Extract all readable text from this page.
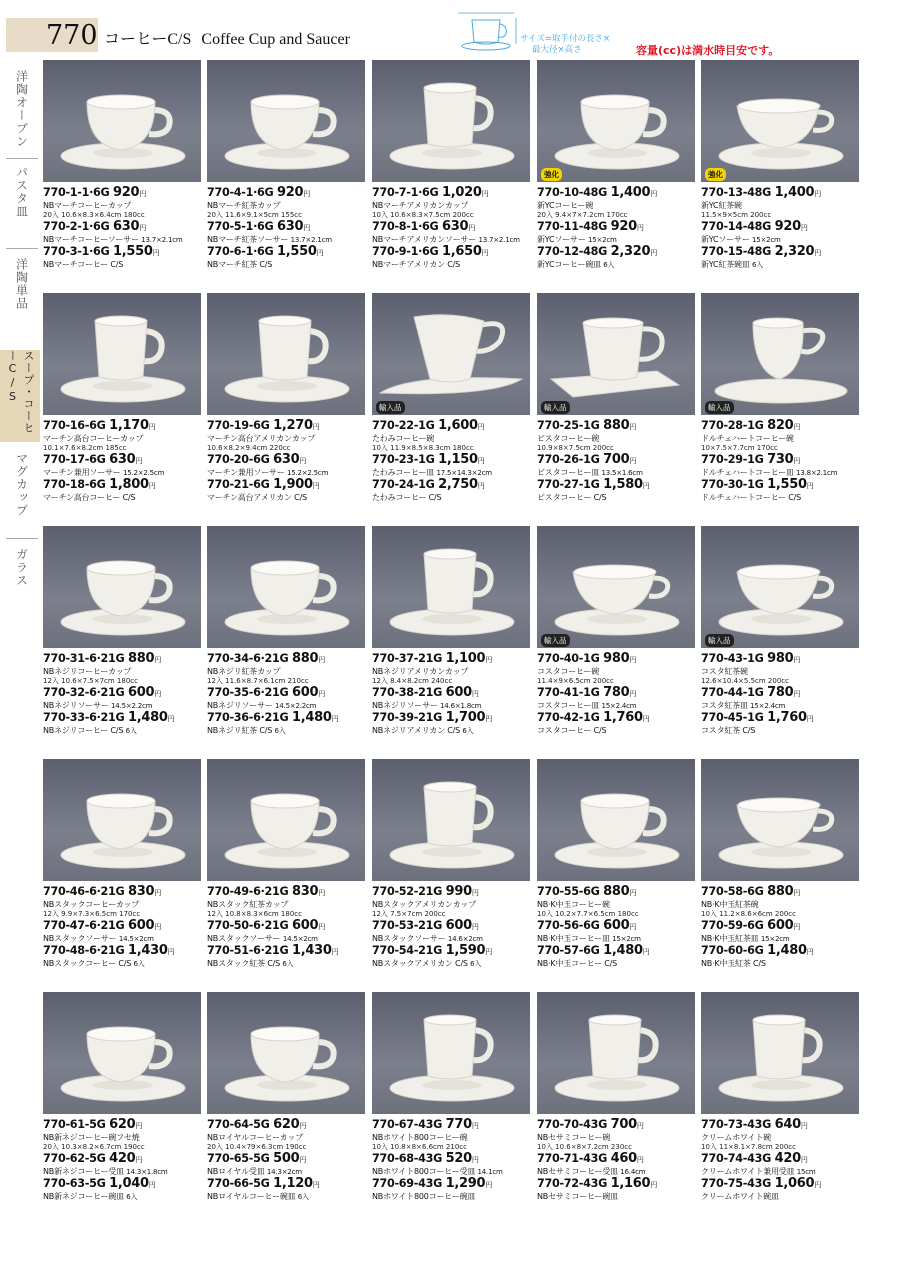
770 コーヒーC/S Coffee Cup and Saucer	サイズ=取手付の長さ×
最大径×高さ	容量(cc)は満水時目安です。
洋陶オーブン
パスタ皿
洋陶単品
スープ・コーヒーC/S
マグカップ
ガラス
770-1-1·6G 920円
NBマーチコーヒーカップ
20入 10.6×8.3×6.4cm 180cc
770-2-1·6G 630円
NBマーチコーヒーソーサー 13.7×2.1cm
770-3-1·6G 1,550円
NBマーチコーヒー C/S
770-4-1·6G 920円
NBマーチ紅茶カップ
20入 11.6×9.1×5cm 155cc
770-5-1·6G 630円
NBマーチ紅茶ソーサー 13.7×2.1cm
770-6-1·6G 1,550円
NBマーチ紅茶 C/S
770-7-1·6G 1,020円
NBマーチアメリカンカップ
10入 10.6×8.3×7.5cm 200cc
770-8-1·6G 630円
NBマーチアメリカンソーサー 13.7×2.1cm
770-9-1·6G 1,650円
NBマーチアメリカン C/S
強化
770-10-48G 1,400円
新YCコーヒー碗
20入 9.4×7×7.2cm 170cc
770-11-48G 920円
新YCソーサー 15×2cm
770-12-48G 2,320円
新YCコーヒー碗皿 6入
強化
770-13-48G 1,400円
新YC紅茶碗
11.5×9×5cm 200cc
770-14-48G 920円
新YCソーサー 15×2cm
770-15-48G 2,320円
新YC紅茶碗皿 6入
770-16-6G 1,170円
マーチン高台コーヒーカップ
10.1×7.6×8.2cm 185cc
770-17-6G 630円
マーチン兼用ソーサー 15.2×2.5cm
770-18-6G 1,800円
マーチン高台コーヒー C/S
770-19-6G 1,270円
マーチン高台アメリカンカップ
10.6×8.2×9.4cm 220cc
770-20-6G 630円
マーチン兼用ソーサー 15.2×2.5cm
770-21-6G 1,900円
マーチン高台アメリカン C/S
輸入品
770-22-1G 1,600円
たわみコーヒー碗
10入 11.9×8.5×8.3cm 180cc
770-23-1G 1,150円
たわみコーヒー皿 17.5×14.3×2cm
770-24-1G 2,750円
たわみコーヒー C/S
輸入品
770-25-1G 880円
ビスタコーヒー碗
10.9×8×7.5cm 200cc
770-26-1G 700円
ビスタコーヒー皿 13.5×1.6cm
770-27-1G 1,580円
ビスタコーヒー C/S
輸入品
770-28-1G 820円
ドルチェハートコーヒー碗
10×7.5×7.7cm 170cc
770-29-1G 730円
ドルチェハートコーヒー皿 13.8×2.1cm
770-30-1G 1,550円
ドルチェハートコーヒー C/S
770-31-6·21G 880円
NBネジリコーヒーカップ
12入 10.6×7.5×7cm 180cc
770-32-6·21G 600円
NBネジリソーサー 14.5×2.2cm
770-33-6·21G 1,480円
NBネジリコーヒー C/S 6入
770-34-6·21G 880円
NBネジリ紅茶カップ
12入 11.6×8.7×6.1cm 210cc
770-35-6·21G 600円
NBネジリソーサー 14.5×2.2cm
770-36-6·21G 1,480円
NBネジリ紅茶 C/S 6入
770-37-21G 1,100円
NBネジリアメリカンカップ
12入 8.4×8.2cm 240cc
770-38-21G 600円
NBネジリソーサー 14.6×1.8cm
770-39-21G 1,700円
NBネジリアメリカン C/S 6入
輸入品
770-40-1G 980円
コスタコーヒー碗
11.4×9×6.5cm 200cc
770-41-1G 780円
コスタコーヒー皿 15×2.4cm
770-42-1G 1,760円
コスタコーヒー C/S
輸入品
770-43-1G 980円
コスタ紅茶碗
12.6×10.4×5.5cm 200cc
770-44-1G 780円
コスタ紅茶皿 15×2.4cm
770-45-1G 1,760円
コスタ紅茶 C/S
770-46-6·21G 830円
NBスタックコーヒーカップ
12入 9.9×7.3×6.5cm 170cc
770-47-6·21G 600円
NBスタックソーサー 14.5×2cm
770-48-6·21G 1,430円
NBスタックコーヒー C/S 6入
770-49-6·21G 830円
NBスタック紅茶カップ
12入 10.8×8.3×6cm 180cc
770-50-6·21G 600円
NBスタックソーサー 14.5×2cm
770-51-6·21G 1,430円
NBスタック紅茶 C/S 6入
770-52-21G 990円
NBスタックアメリカンカップ
12入 7.5×7cm 200cc
770-53-21G 600円
NBスタックソーサー 14.6×2cm
770-54-21G 1,590円
NBスタックアメリカン C/S 6入
770-55-6G 880円
NB·K中玉コーヒー碗
10入 10.2×7.7×6.5cm 180cc
770-56-6G 600円
NB·K中玉コーヒー皿 15×2cm
770-57-6G 1,480円
NB·K中玉コーヒー C/S
770-58-6G 880円
NB·K中玉紅茶碗
10入 11.2×8.6×6cm 200cc
770-59-6G 600円
NB·K中玉紅茶皿 15×2cm
770-60-6G 1,480円
NB·K中玉紅茶 C/S
770-61-5G 620円
NB新ネジコーヒー碗フセ焼
20入 10.3×8.2×6.7cm 190cc
770-62-5G 420円
NB新ネジコーヒー受皿 14.3×1.8cm
770-63-5G 1,040円
NB新ネジコーヒー碗皿 6入
770-64-5G 620円
NBロイヤルコーヒーカップ
20入 10.4×79×6.3cm 190cc
770-65-5G 500円
NBロイヤル受皿 14.3×2cm
770-66-5G 1,120円
NBロイヤルコーヒー碗皿 6入
770-67-43G 770円
NBホワイト800コーヒー碗
10入 10.8×8×6.6cm 210cc
770-68-43G 520円
NBホワイト800コーヒー受皿 14.1cm
770-69-43G 1,290円
NBホワイト800コーヒー碗皿
770-70-43G 700円
NBセサミコーヒー碗
10入 10.6×8×7.2cm 230cc
770-71-43G 460円
NBセサミコーヒー受皿 16.4cm
770-72-43G 1,160円
NBセサミコーヒー碗皿
770-73-43G 640円
クリームホワイト碗
10入 11×8.1×7.8cm 200cc
770-74-43G 420円
クリームホワイト兼用受皿 15cm
770-75-43G 1,060円
クリームホワイト碗皿
